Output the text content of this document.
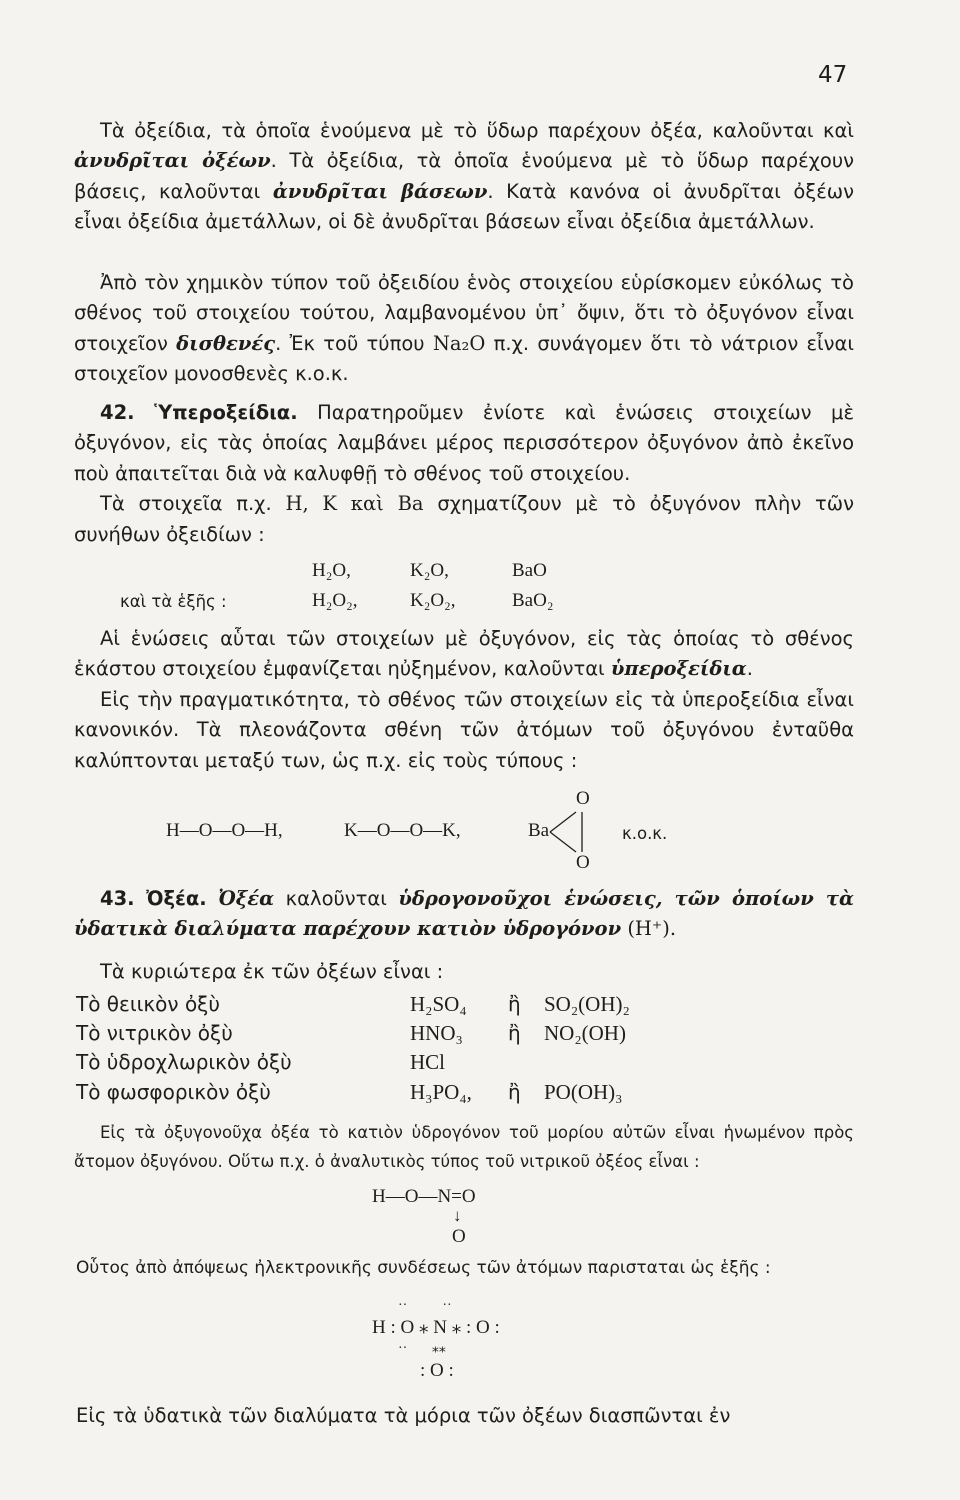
47

Τὰ ὀξείδια, τὰ ὁποῖα ἑνούμενα μὲ τὸ ὕδωρ παρέχουν ὀξέα, καλοῦνται καὶ ἀνυδρῖται ὀξέων. Τὰ ὀξείδια, τὰ ὁποῖα ἑνούμενα μὲ τὸ ὕδωρ παρέχουν βάσεις, καλοῦνται ἀνυδρῖται βάσεων. Κατὰ κανόνα οἱ ἀνυδρῖται ὀξέων εἶναι ὀξείδια ἀμετάλλων, οἱ δὲ ἀνυδρῖται βάσεων εἶναι ὀξείδια ἀμετάλλων.

Ἀπὸ τὸν χημικὸν τύπον τοῦ ὀξειδίου ἑνὸς στοιχείου εὑρίσκομεν εὐκόλως τὸ σθένος τοῦ στοιχείου τούτου, λαμβανομένου ὑπ᾽ ὄψιν, ὅτι τὸ ὀξυγόνον εἶναι στοιχεῖον δισθενές. Ἐκ τοῦ τύπου Na₂O π.χ. συνάγομεν ὅτι τὸ νάτριον εἶναι στοιχεῖον μονοσθενὲς κ.ο.κ.

42. Ὑπεροξείδια. Παρατηροῦμεν ἐνίοτε καὶ ἑνώσεις στοιχείων μὲ ὀξυγόνον, εἰς τὰς ὁποίας λαμβάνει μέρος περισσότερον ὀξυγόνον ἀπὸ ἐκεῖνο ποὺ ἀπαιτεῖται διὰ νὰ καλυφθῇ τὸ σθένος τοῦ στοιχείου.

Τὰ στοιχεῖα π.χ. H, K καὶ Ba σχηματίζουν μὲ τὸ ὀξυγόνον πλὴν τῶν συνήθων ὀξειδίων :

H₂O,	K₂O,	BaO
καὶ τὰ ἑξῆς :	H₂O₂,	K₂O₂,	BaO₂

Αἱ ἑνώσεις αὗται τῶν στοιχείων μὲ ὀξυγόνον, εἰς τὰς ὁποίας τὸ σθένος ἑκάστου στοιχείου ἐμφανίζεται ηὐξημένον, καλοῦνται ὑπεροξείδια.

Εἰς τὴν πραγματικότητα, τὸ σθένος τῶν στοιχείων εἰς τὰ ὑπεροξείδια εἶναι κανονικόν. Τὰ πλεονάζοντα σθένη τῶν ἀτόμων τοῦ ὀξυγόνου ἐνταῦθα καλύπτονται μεταξύ των, ὡς π.χ. εἰς τοὺς τύπους :

H—O—O—H,	K—O—O—K,
O
Ba
O
κ.ο.κ.

43. Ὀξέα. Ὀξέα καλοῦνται ὑδρογονοῦχοι ἑνώσεις, τῶν ὁποίων τὰ ὑδατικὰ διαλύματα παρέχουν κατιὸν ὑδρογόνον (H⁺).

Τὰ κυριώτερα ἐκ τῶν ὀξέων εἶναι :
Τὸ θειικὸν ὀξὺ	H₂SO₄ ἢ SO₂(OH)₂
Τὸ νιτρικὸν ὀξὺ	HNO₃ ἢ NO₂(OH)
Τὸ ὑδροχλωρικὸν ὀξὺ	HCl
Τὸ φωσφορικὸν ὀξὺ	H₃PO₄, ἢ PO(OH)₃

Εἰς τὰ ὀξυγονοῦχα ὀξέα τὸ κατιὸν ὑδρογόνον τοῦ μορίου αὐτῶν εἶναι ἡνωμένον πρὸς ἄτομον ὀξυγόνου. Οὕτω π.χ. ὁ ἀναλυτικὸς τύπος τοῦ νιτρικοῦ ὀξέος εἶναι :

H—O—N=O
↓
O
Οὗτος ἀπὸ ἀπόψεως ἠλεκτρονικῆς συνδέσεως τῶν ἀτόμων παρισταται ὡς ἑξῆς :
··          ··
H : O ⁎ N ⁎ : O :
··       ⁎⁎
: O :
Εἰς τὰ ὑδατικὰ τῶν διαλύματα τὰ μόρια τῶν ὀξέων διασπῶνται ἐν
